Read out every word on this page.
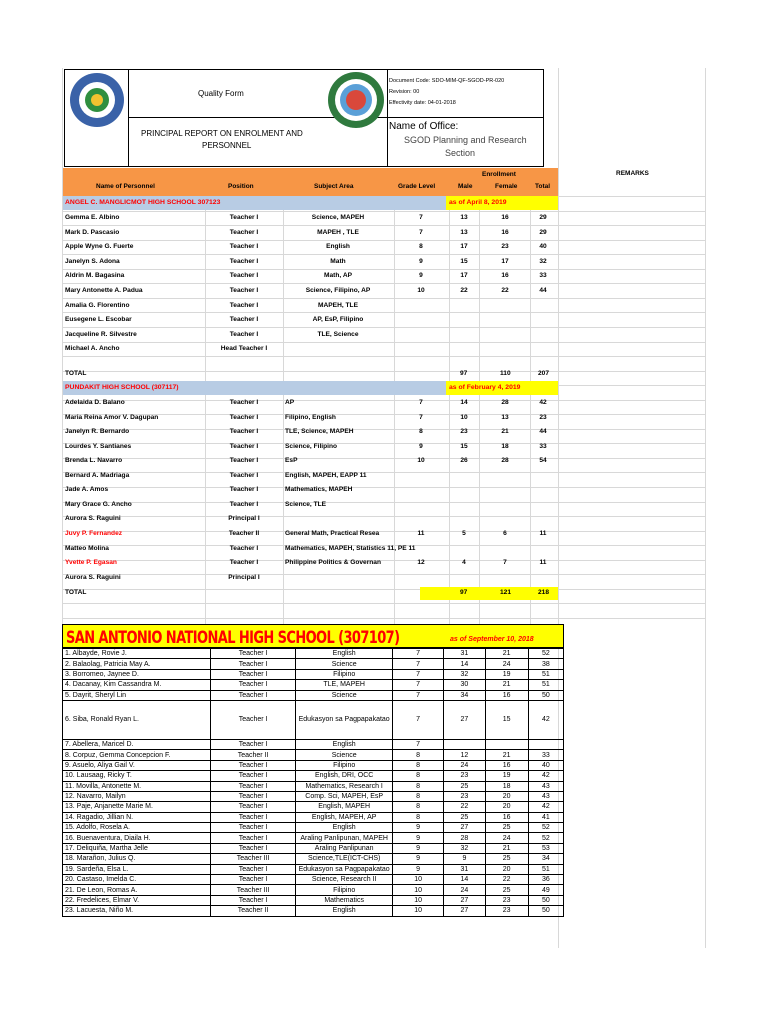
Quality Form
PRINCIPAL REPORT ON ENROLMENT AND
PERSONNEL
Document Code: SDO-MIM-QF-SGOD-PR-020
Revision: 00
Effectivity date: 04-01-2018
Name of Office:
SGOD Planning and Research
Section
Name of Personnel	Position	Subject Area	Grade Level
Enrollment
Male	Female	Total
REMARKS
ANGEL C. MANGLICMOT HIGH SCHOOL 307123	as of April 8, 2019
Gemma E. Albino	Teacher I	Science, MAPEH	7	13	16	29
Mark D. Pascasio	Teacher I	MAPEH , TLE	7	13	16	29
Apple Wyne G. Fuerte	Teacher I	English	8	17	23	40
Janelyn S. Adona	Teacher I	Math	9	15	17	32
Aldrin M. Bagasina	Teacher I	Math, AP	9	17	16	33
Mary Antonette A. Padua	Teacher I	Science, Filipino, AP	10	22	22	44
Amalia G. Florentino	Teacher I	MAPEH, TLE
Eusegene L. Escobar	Teacher I	AP, EsP, Filipino
Jacqueline R. Silvestre	Teacher I	TLE, Science
Michael A. Ancho	Head Teacher I
TOTAL	97	110	207
PUNDAKIT HIGH SCHOOL (307117)	as of February 4, 2019
Adelaida D. Balano	Teacher I	AP	7	14	28	42
Maria Reina Amor V. Dagupan	Teacher I	Filipino, English	7	10	13	23
Janelyn R. Bernardo	Teacher I	TLE, Science, MAPEH	8	23	21	44
Lourdes Y. Santianes	Teacher I	Science, Filipino	9	15	18	33
Brenda L. Navarro	Teacher I	EsP	10	26	28	54
Bernard A. Madriaga	Teacher I	English, MAPEH, EAPP 11
Jade A. Amos	Teacher I	Mathematics, MAPEH
Mary Grace G. Ancho	Teacher I	Science, TLE
Aurora S. Raguini	Principal I
Juvy P. Fernandez	Teacher II	General Math, Practical Resea	11	5	6	11
Matteo Molina	Teacher I	Mathematics, MAPEH, Statistics 11, PE 11
Yvette P. Egasan	Teacher I	Philippine Politics & Governan	12	4	7	11
Aurora S. Raguini	Principal I
TOTAL	97	121	218
SAN ANTONIO NATIONAL HIGH SCHOOL (307107)	as of September 10, 2018
1. Albayde, Rovie J.	Teacher I	English	7	31	21	52
2. Balaolag, Patricia May A.	Teacher I	Science	7	14	24	38
3. Borromeo, Jaynee D.	Teacher I	Filipino	7	32	19	51
4. Dacanay, Kim Cassandra M.	Teacher I	TLE, MAPEH	7	30	21	51
5. Dayrit, Sheryl Lin	Teacher I	Science	7	34	16	50
6. Siba, Ronald Ryan L.	Teacher I	Edukasyon sa Pagpapakatao	7	27	15	42
7. Abellera, Maricel D.	Teacher I	English	7			
8. Corpuz, Gemma Concepcion F.	Teacher II	Science	8	12	21	33
9. Asuelo, Aliya Gail V.	Teacher I	Filipino	8	24	16	40
10. Lausaag, Ricky T.	Teacher I	English, DRI, OCC	8	23	19	42
11. Movilla, Antonette M.	Teacher I	Mathematics, Research I	8	25	18	43
12. Navarro, Mailyn	Teacher I	Comp. Sci, MAPEH, EsP	8	23	20	43
13. Paje, Anjanette Marie M.	Teacher I	English, MAPEH	8	22	20	42
14. Ragadio, Jillian N.	Teacher I	English, MAPEH, AP	8	25	16	41
15. Adolfo, Rosela A.	Teacher I	English	9	27	25	52
16. Buenaventura, Diaila H.	Teacher I	Araling Panlipunan, MAPEH	9	28	24	52
17. Deliquiña, Martha Jelle	Teacher I	Araling Panlipunan	9	32	21	53
18. Marañon, Julius Q.	Teacher III	Science,TLE(ICT-CHS)	9	9	25	34
19. Sardeña, Elsa L.	Teacher I	Edukasyon sa Pagpapakatao	9	31	20	51
20. Castaso, Imelda C.	Teacher I	Science, Research II	10	14	22	36
21. De Leon, Romas A.	Teacher III	Filipino	10	24	25	49
22. Fredelices, Elmar V.	Teacher I	Mathematics	10	27	23	50
23. Lacuesta, Niño M.	Teacher II	English	10	27	23	50
